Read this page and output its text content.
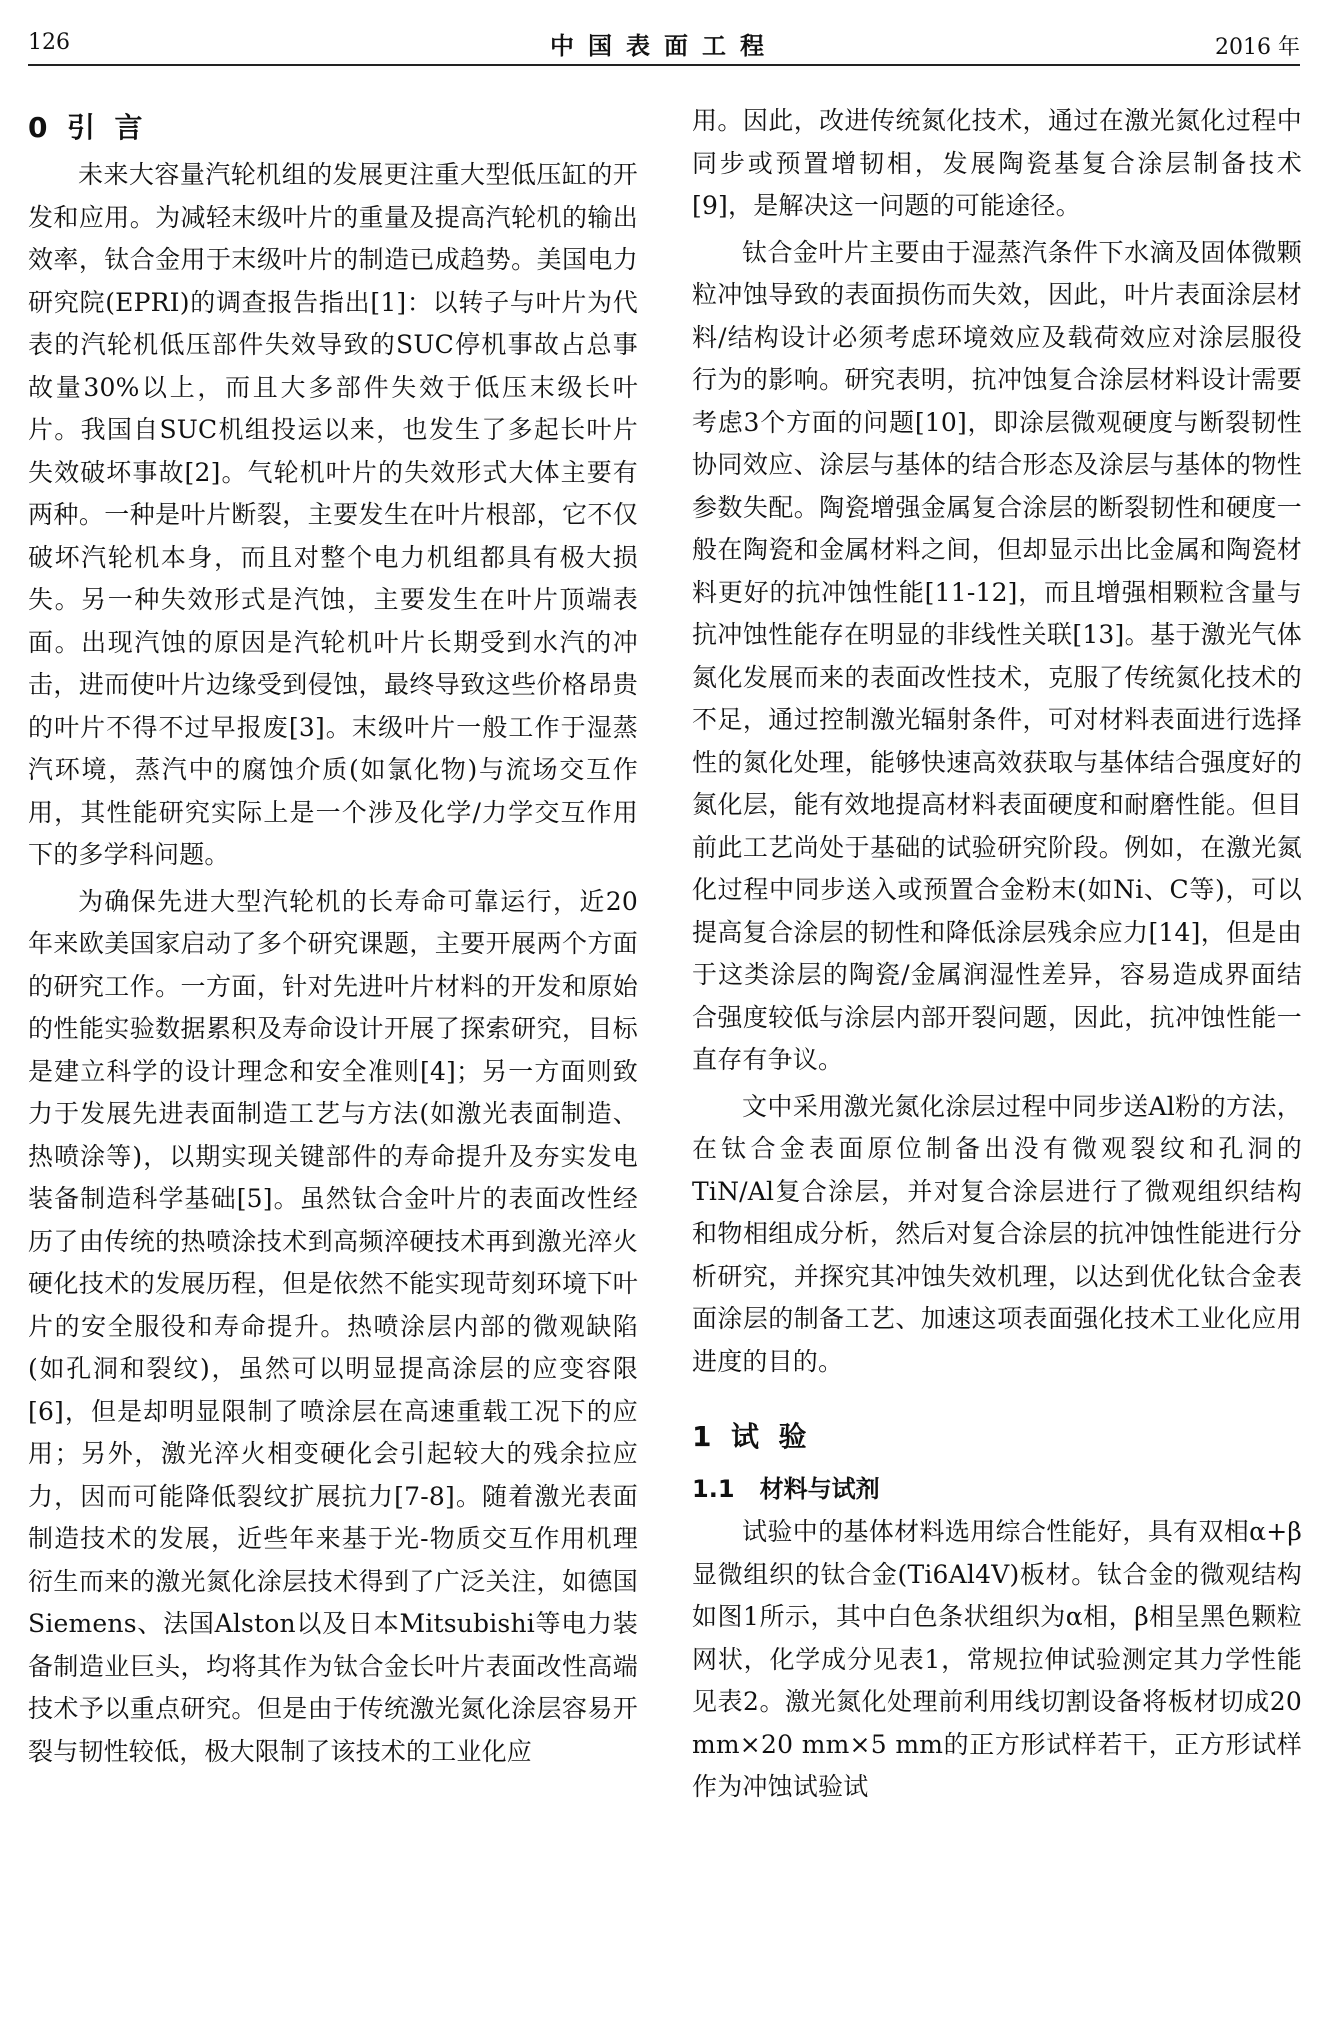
126	中国表面工程	2016 年
0  引  言

未来大容量汽轮机组的发展更注重大型低压缸的开发和应用。为减轻末级叶片的重量及提高汽轮机的输出效率，钛合金用于末级叶片的制造已成趋势。美国电力研究院(EPRI)的调查报告指出[1]：以转子与叶片为代表的汽轮机低压部件失效导致的SUC停机事故占总事故量30%以上，而且大多部件失效于低压末级长叶片。我国自SUC机组投运以来，也发生了多起长叶片失效破坏事故[2]。气轮机叶片的失效形式大体主要有两种。一种是叶片断裂，主要发生在叶片根部，它不仅破坏汽轮机本身，而且对整个电力机组都具有极大损失。另一种失效形式是汽蚀，主要发生在叶片顶端表面。出现汽蚀的原因是汽轮机叶片长期受到水汽的冲击，进而使叶片边缘受到侵蚀，最终导致这些价格昂贵的叶片不得不过早报废[3]。末级叶片一般工作于湿蒸汽环境，蒸汽中的腐蚀介质(如氯化物)与流场交互作用，其性能研究实际上是一个涉及化学/力学交互作用下的多学科问题。

为确保先进大型汽轮机的长寿命可靠运行，近20年来欧美国家启动了多个研究课题，主要开展两个方面的研究工作。一方面，针对先进叶片材料的开发和原始的性能实验数据累积及寿命设计开展了探索研究，目标是建立科学的设计理念和安全准则[4]；另一方面则致力于发展先进表面制造工艺与方法(如激光表面制造、热喷涂等)，以期实现关键部件的寿命提升及夯实发电装备制造科学基础[5]。虽然钛合金叶片的表面改性经历了由传统的热喷涂技术到高频淬硬技术再到激光淬火硬化技术的发展历程，但是依然不能实现苛刻环境下叶片的安全服役和寿命提升。热喷涂层内部的微观缺陷(如孔洞和裂纹)，虽然可以明显提高涂层的应变容限[6]，但是却明显限制了喷涂层在高速重载工况下的应用；另外，激光淬火相变硬化会引起较大的残余拉应力，因而可能降低裂纹扩展抗力[7-8]。随着激光表面制造技术的发展，近些年来基于光-物质交互作用机理衍生而来的激光氮化涂层技术得到了广泛关注，如德国Siemens、法国Alston以及日本Mitsubishi等电力装备制造业巨头，均将其作为钛合金长叶片表面改性高端技术予以重点研究。但是由于传统激光氮化涂层容易开裂与韧性较低，极大限制了该技术的工业化应

用。因此，改进传统氮化技术，通过在激光氮化过程中同步或预置增韧相，发展陶瓷基复合涂层制备技术[9]，是解决这一问题的可能途径。

钛合金叶片主要由于湿蒸汽条件下水滴及固体微颗粒冲蚀导致的表面损伤而失效，因此，叶片表面涂层材料/结构设计必须考虑环境效应及载荷效应对涂层服役行为的影响。研究表明，抗冲蚀复合涂层材料设计需要考虑3个方面的问题[10]，即涂层微观硬度与断裂韧性协同效应、涂层与基体的结合形态及涂层与基体的物性参数失配。陶瓷增强金属复合涂层的断裂韧性和硬度一般在陶瓷和金属材料之间，但却显示出比金属和陶瓷材料更好的抗冲蚀性能[11-12]，而且增强相颗粒含量与抗冲蚀性能存在明显的非线性关联[13]。基于激光气体氮化发展而来的表面改性技术，克服了传统氮化技术的不足，通过控制激光辐射条件，可对材料表面进行选择性的氮化处理，能够快速高效获取与基体结合强度好的氮化层，能有效地提高材料表面硬度和耐磨性能。但目前此工艺尚处于基础的试验研究阶段。例如，在激光氮化过程中同步送入或预置合金粉末(如Ni、C等)，可以提高复合涂层的韧性和降低涂层残余应力[14]，但是由于这类涂层的陶瓷/金属润湿性差异，容易造成界面结合强度较低与涂层内部开裂问题，因此，抗冲蚀性能一直存有争议。

文中采用激光氮化涂层过程中同步送Al粉的方法，在钛合金表面原位制备出没有微观裂纹和孔洞的TiN/Al复合涂层，并对复合涂层进行了微观组织结构和物相组成分析，然后对复合涂层的抗冲蚀性能进行分析研究，并探究其冲蚀失效机理，以达到优化钛合金表面涂层的制备工艺、加速这项表面强化技术工业化应用进度的目的。

1  试  验
1.1   材料与试剂

试验中的基体材料选用综合性能好，具有双相α+β 显微组织的钛合金(Ti6Al4V)板材。钛合金的微观结构如图1所示，其中白色条状组织为α相，β相呈黑色颗粒网状，化学成分见表1，常规拉伸试验测定其力学性能见表2。激光氮化处理前利用线切割设备将板材切成20 mm×20 mm×5 mm的正方形试样若干，正方形试样作为冲蚀试验试
